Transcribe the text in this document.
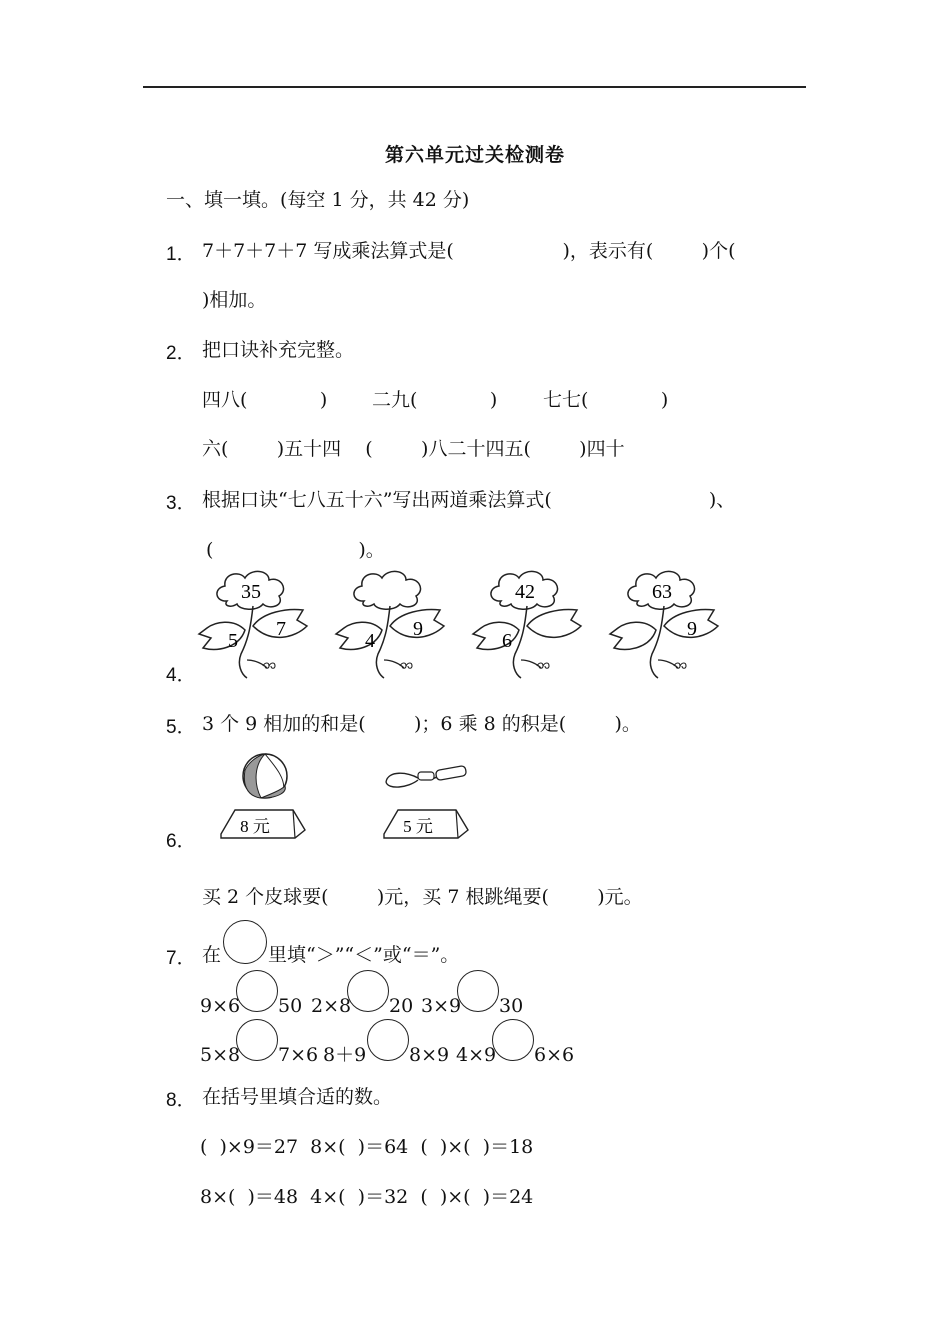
第六单元过关检测卷
一、填一填。(每空 1 分，共 42 分)
1． 7＋7＋7＋7 写成乘法算式是(                  )，表示有(        )个(
)相加。
2． 把口诀补充完整。
四八(            ) 二九(            ) 七七(            )
六(        )五十四    (        )八二十四五(        )四十
3． 根据口诀“七八五十六”写出两道乘法算式(                          )、
(                        )。
4．
35
5
7
4
9
42
6
63
9
5． 3 个 9 相加的和是(        )；6 乘 8 的积是(        )。
6．
8 元	5 元
买 2 个皮球要(        )元，买 7 根跳绳要(        )元。
7． 在 里填“＞”“＜”或“＝”。
9×6 50 2×8 20 3×9 30
5×8 7×6 8＋9 8×9 4×9 6×6
8． 在括号里填合适的数。
(  )×9＝27  8×(  )＝64  (  )×(  )＝18
8×(  )＝48  4×(  )＝32  (  )×(  )＝24
